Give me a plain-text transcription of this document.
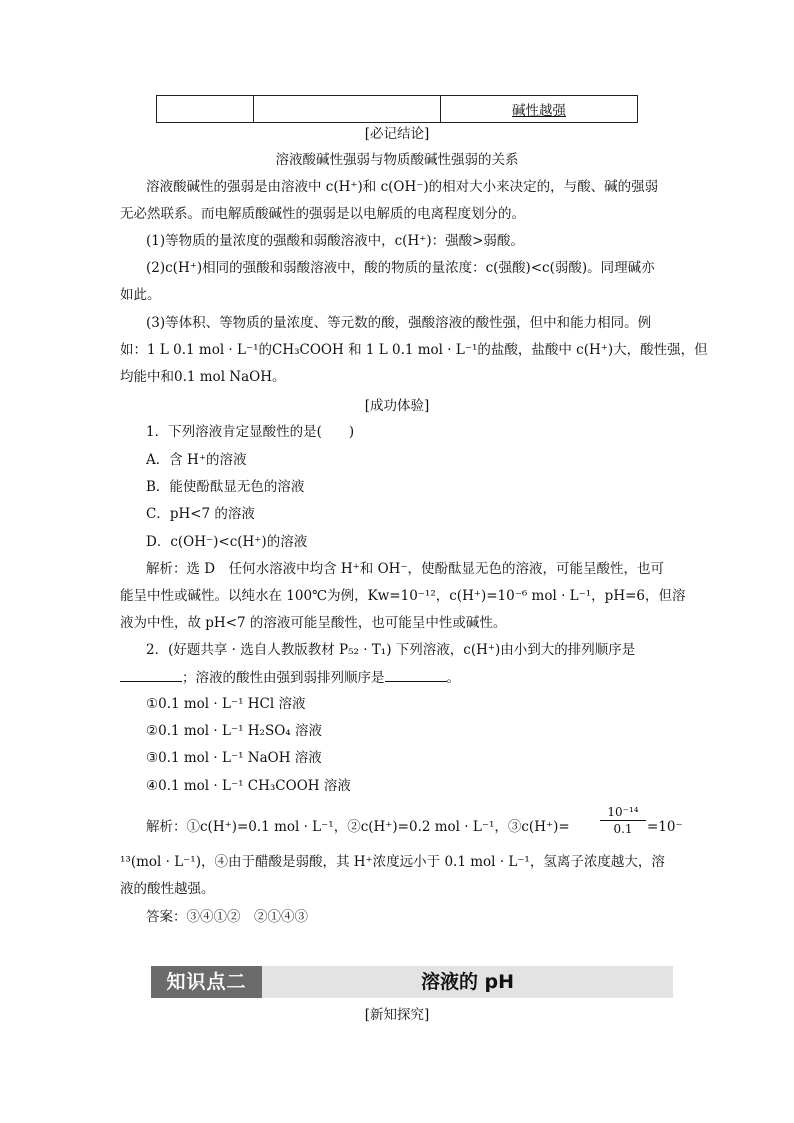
		碱性越强
[必记结论]
溶液酸碱性强弱与物质酸碱性强弱的关系
溶液酸碱性的强弱是由溶液中 c(H⁺)和 c(OH⁻)的相对大小来决定的，与酸、碱的强弱
无必然联系。而电解质酸碱性的强弱是以电解质的电离程度划分的。
(1)等物质的量浓度的强酸和弱酸溶液中，c(H⁺)：强酸>弱酸。
(2)c(H⁺)相同的强酸和弱酸溶液中，酸的物质的量浓度：c(强酸)<c(弱酸)。同理碱亦
如此。
(3)等体积、等物质的量浓度、等元数的酸，强酸溶液的酸性强，但中和能力相同。例
如：1 L 0.1 mol · L⁻¹的CH₃COOH 和 1 L 0.1 mol · L⁻¹的盐酸，盐酸中 c(H⁺)大，酸性强，但
均能中和0.1 mol NaOH。
[成功体验]
1．下列溶液肯定显酸性的是(　　)
A．含 H⁺的溶液
B．能使酚酞显无色的溶液
C．pH<7 的溶液
D．c(OH⁻)<c(H⁺)的溶液
解析：选 D　任何水溶液中均含 H⁺和 OH⁻，使酚酞显无色的溶液，可能呈酸性，也可
能呈中性或碱性。以纯水在 100℃为例，Kw=10⁻¹²，c(H⁺)=10⁻⁶ mol · L⁻¹，pH=6，但溶
液为中性，故 pH<7 的溶液可能呈酸性，也可能呈中性或碱性。
2．(好题共享 · 选自人教版教材 P₅₂ · T₁) 下列溶液，c(H⁺)由小到大的排列顺序是
；溶液的酸性由强到弱排列顺序是	。
①0.1 mol · L⁻¹ HCl 溶液
②0.1 mol · L⁻¹ H₂SO₄ 溶液
③0.1 mol · L⁻¹ NaOH 溶液
④0.1 mol · L⁻¹ CH₃COOH 溶液
解析：①c(H⁺)=0.1 mol · L⁻¹，②c(H⁺)=0.2 mol · L⁻¹，③c(H⁺)=	$\frac{\text{10⁻¹⁴}}{0.1} =10^-$
¹³(mol · L⁻¹)，④由于醋酸是弱酸，其 H⁺浓度远小于 0.1 mol · L⁻¹，氢离子浓度越大，溶
液的酸性越强。
答案：③④①②　②①④③
知识点二	溶液的 pH
[新知探究]
